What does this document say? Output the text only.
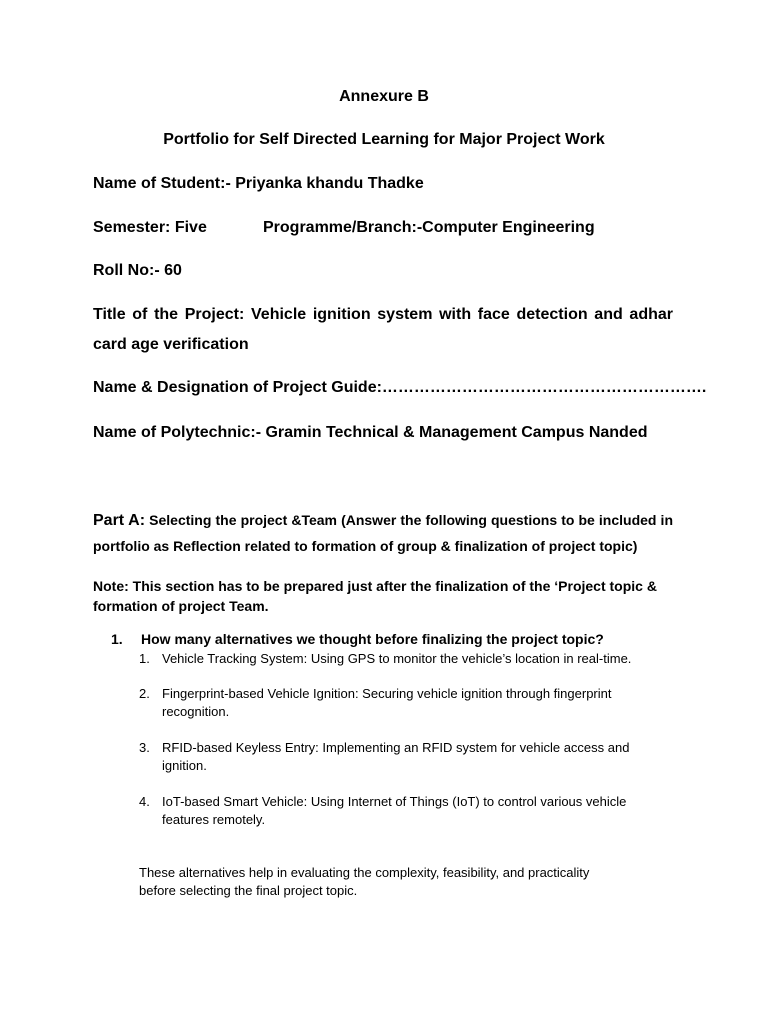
Annexure B
Portfolio for Self Directed Learning for Major Project Work
Name of Student:- Priyanka khandu Thadke
Semester: Five	Programme/Branch:-Computer Engineering
Roll No:- 60
Title of the Project: Vehicle ignition system with face detection and adhar
card age verification
Name & Designation of Project Guide:…………………………………………………….
Name of Polytechnic:- Gramin Technical & Management Campus Nanded
Part A: Selecting the project &Team (Answer the following questions to be included in
portfolio as Reflection related to formation of group & finalization of project topic)
Note: This section has to be prepared just after the finalization of the ‘Project topic &
formation of project Team.
1. How many alternatives we thought before finalizing the project topic?
1. Vehicle Tracking System: Using GPS to monitor the vehicle’s location in real-time.
2. Fingerprint-based Vehicle Ignition: Securing vehicle ignition through fingerprint
recognition.
3. RFID-based Keyless Entry: Implementing an RFID system for vehicle access and
ignition.
4. IoT-based Smart Vehicle: Using Internet of Things (IoT) to control various vehicle
features remotely.
These alternatives help in evaluating the complexity, feasibility, and practicality
before selecting the final project topic.
